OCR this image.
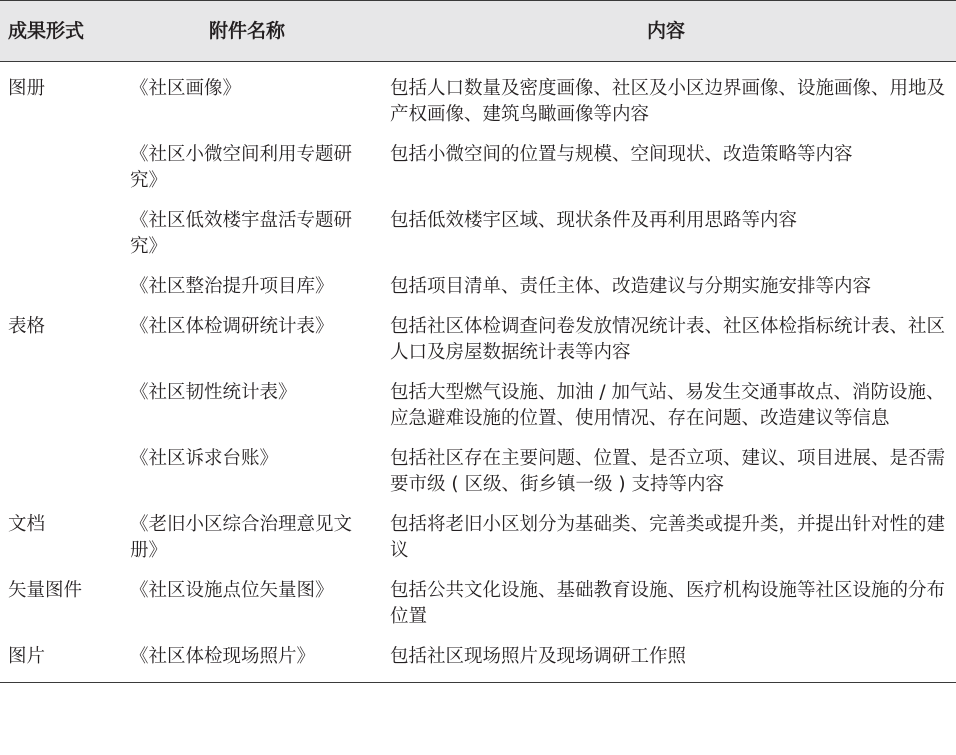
成果形式	附件名称	内容
图册	《社区画像》	包括人口数量及密度画像、社区及小区边界画像、设施画像、用地及产权画像、建筑鸟瞰画像等内容
	《社区小微空间利用专题研究》	包括小微空间的位置与规模、空间现状、改造策略等内容
	《社区低效楼宇盘活专题研究》	包括低效楼宇区域、现状条件及再利用思路等内容
	《社区整治提升项目库》	包括项目清单、责任主体、改造建议与分期实施安排等内容
表格	《社区体检调研统计表》	包括社区体检调查问卷发放情况统计表、社区体检指标统计表、社区人口及房屋数据统计表等内容
	《社区韧性统计表》	包括大型燃气设施、加油 / 加气站、易发生交通事故点、消防设施、应急避难设施的位置、使用情况、存在问题、改造建议等信息
	《社区诉求台账》	包括社区存在主要问题、位置、是否立项、建议、项目进展、是否需要市级 ( 区级、街乡镇一级 ) 支持等内容
文档	《老旧小区综合治理意见文册》	包括将老旧小区划分为基础类、完善类或提升类，并提出针对性的建议
矢量图件	《社区设施点位矢量图》	包括公共文化设施、基础教育设施、医疗机构设施等社区设施的分布位置
图片	《社区体检现场照片》	包括社区现场照片及现场调研工作照
